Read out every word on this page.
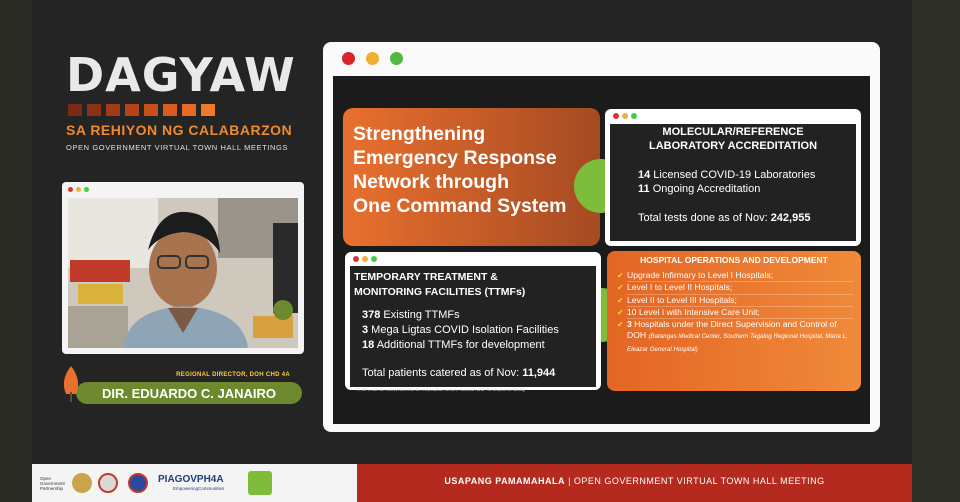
DAGYAW
SA REHIYON NG CALABARZON
OPEN GOVERNMENT VIRTUAL TOWN HALL MEETINGS
REGIONAL DIRECTOR, DOH CHD 4A
DIR. EDUARDO C. JANAIRO
Strengthening
Emergency Response
Network through
One Command System
MOLECULAR/REFERENCE
LABORATORY ACCREDITATION
14 Licensed COVID-19 Laboratories
11 Ongoing Accreditation
Total tests done as of Nov: 242,955
TEMPORARY TREATMENT &
MONITORING FACILITIES (TTMFs)
378 Existing TTMFs
3 Mega Ligtas COVID Isolation Facilities
18 Additional TTMFs for development
Total patients catered as of Nov: 11,944
*TTMFs can be converted into an evacuation center, nutrition and TB treatment facility
HOSPITAL OPERATIONS AND DEVELOPMENT
✔ Upgrade Infirmary to Level I Hospitals;
✔ Level I to Level II Hospitals;
✔ Level II to Level III Hospitals;
✔ 10 Level I with Intensive Care Unit;
✔ 3 Hospitals under the Direct Supervision and Control of DOH (Batangas Medical Center, Southern Tagalog Regional Hospital, Maria L. Eleazar General Hospital)
Open
Government
Partnership
PIAGOVPH4A
EmpoweringCommunities
USAPANG PAMAMAHALA | OPEN GOVERNMENT VIRTUAL TOWN HALL MEETING
